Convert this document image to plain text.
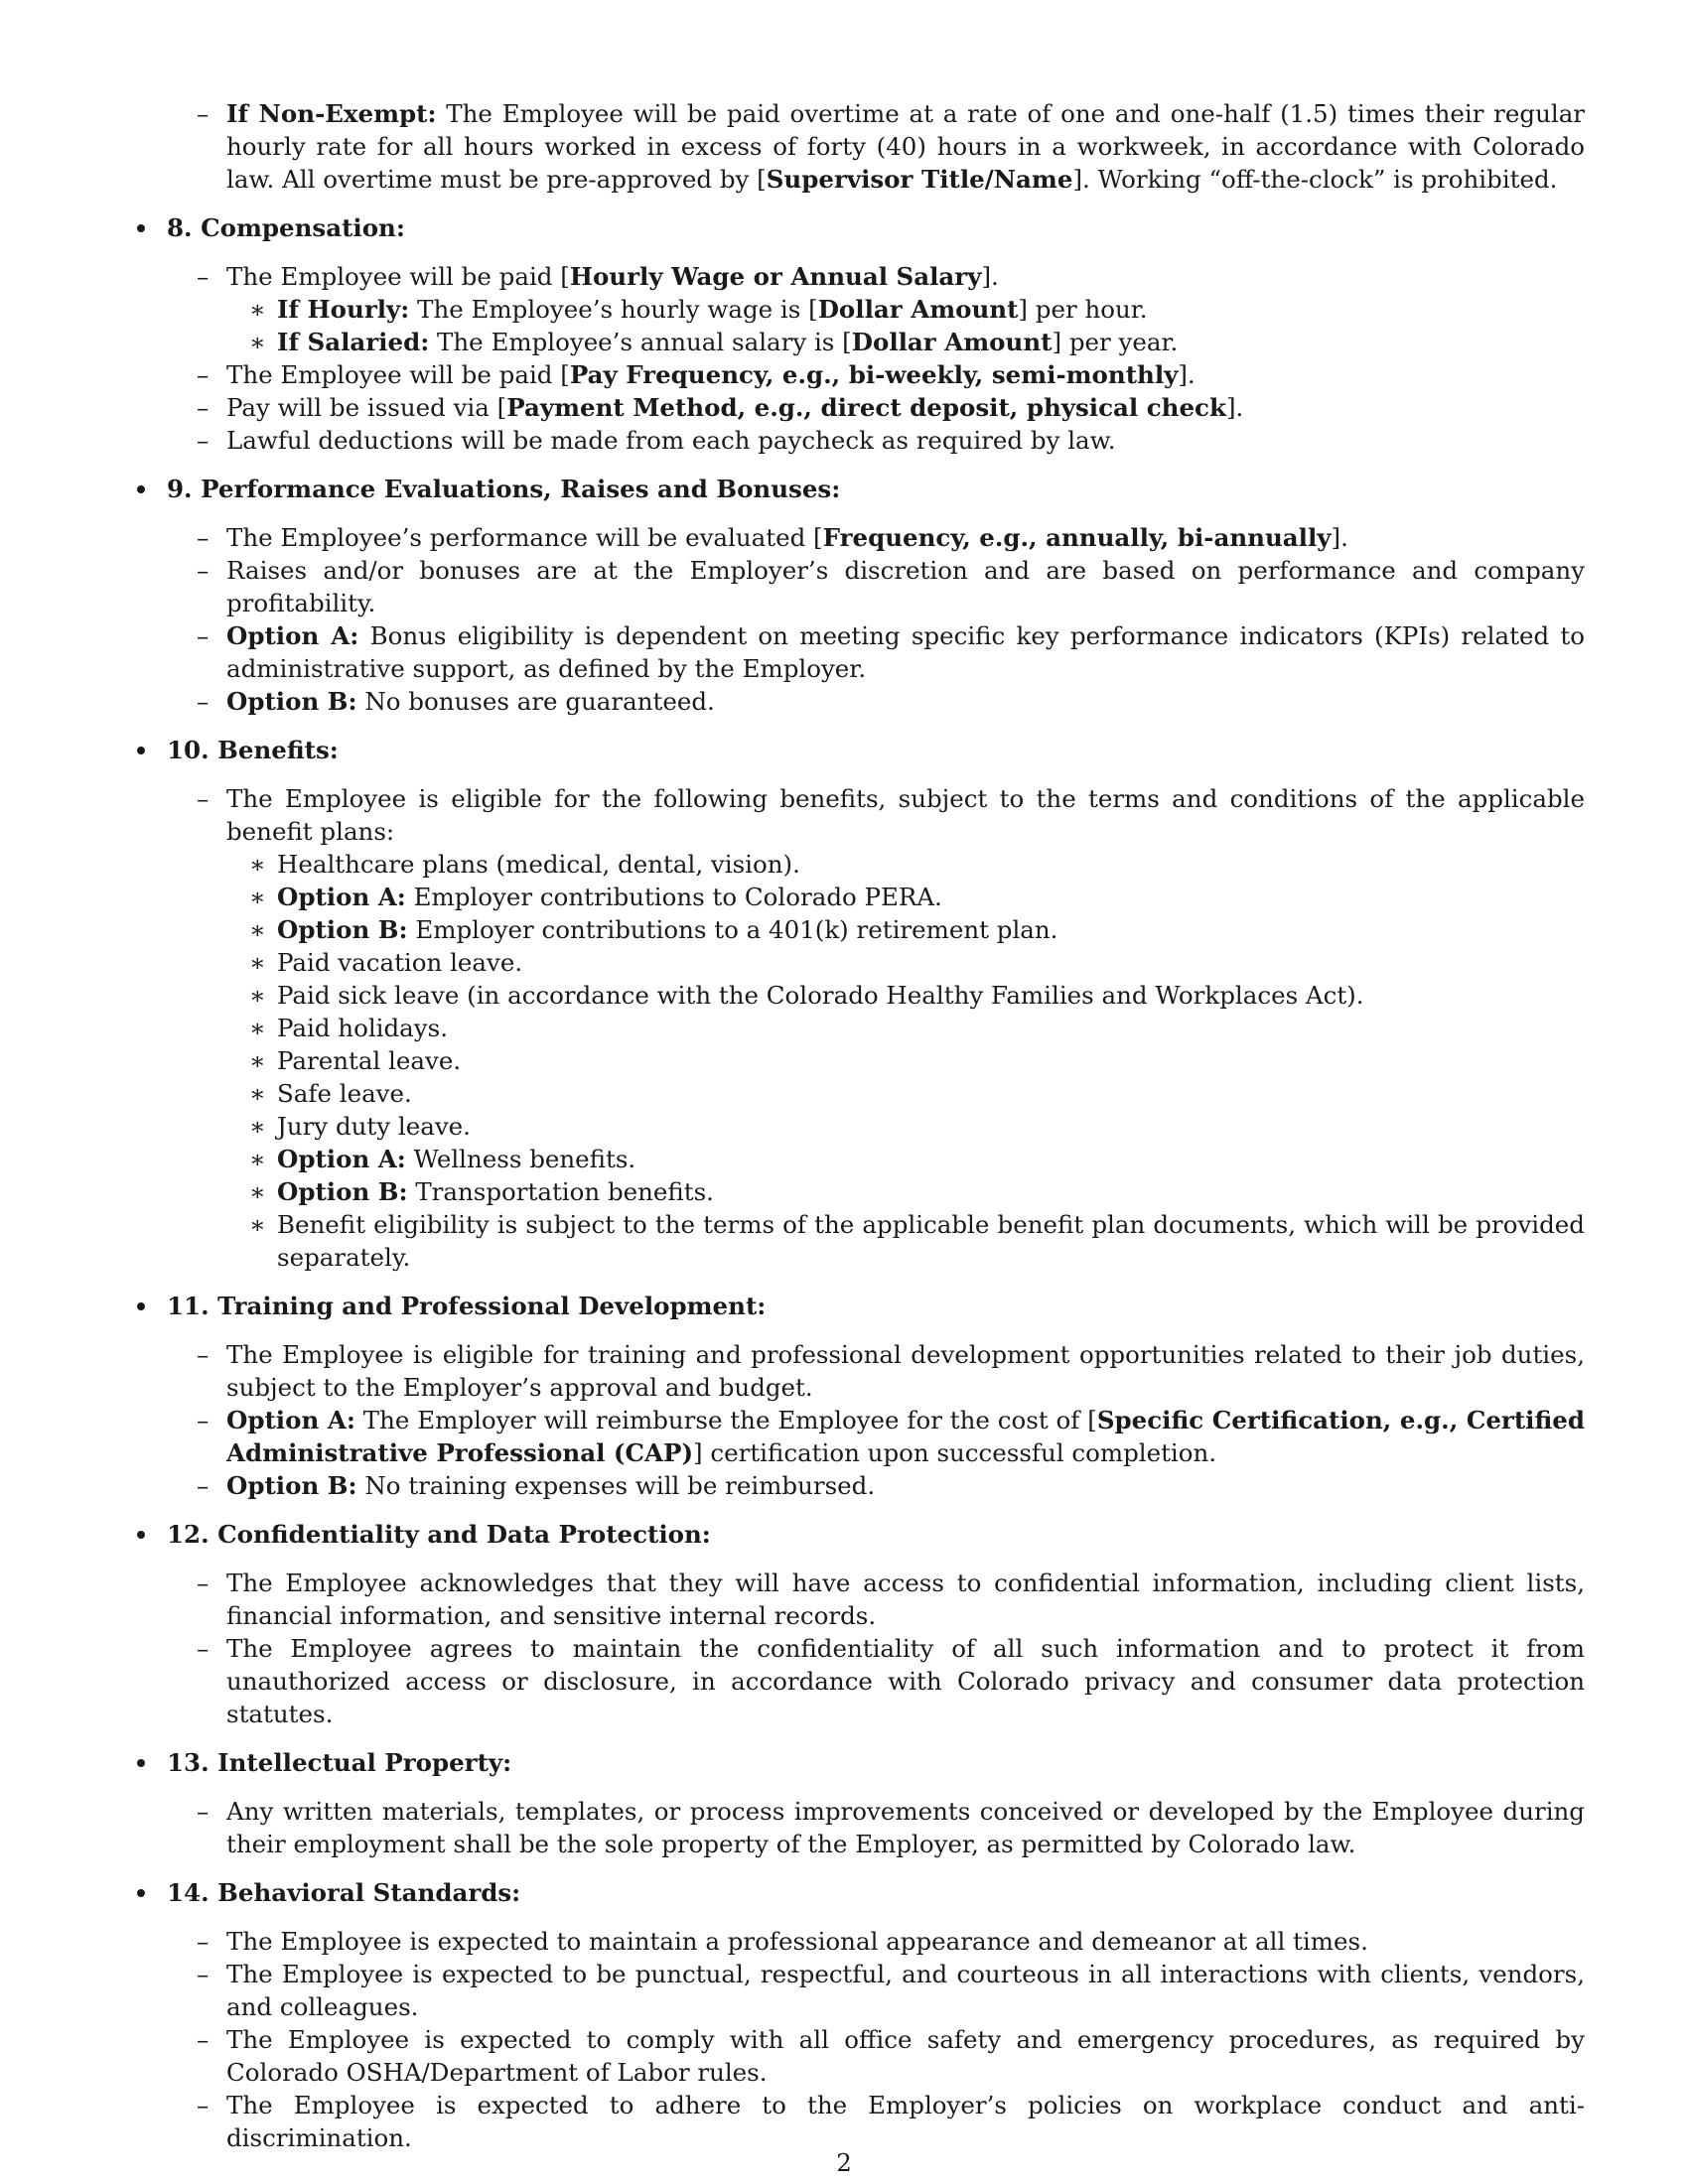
– If Non-Exempt: The Employee will be paid overtime at a rate of one and one-half (1.5) times their regular hourly rate for all hours worked in excess of forty (40) hours in a workweek, in accordance with Colorado law. All overtime must be pre-approved by [Supervisor Title/Name]. Working “off-the-clock” is prohibited.

8. Compensation:

– The Employee will be paid [Hourly Wage or Annual Salary].

∗ If Hourly: The Employee’s hourly wage is [Dollar Amount] per hour.

∗ If Salaried: The Employee’s annual salary is [Dollar Amount] per year.

– The Employee will be paid [Pay Frequency, e.g., bi-weekly, semi-monthly].

– Pay will be issued via [Payment Method, e.g., direct deposit, physical check].

– Lawful deductions will be made from each paycheck as required by law.

9. Performance Evaluations, Raises and Bonuses:

– The Employee’s performance will be evaluated [Frequency, e.g., annually, bi-annually].

– Raises and/or bonuses are at the Employer’s discretion and are based on performance and company profitability.

– Option A: Bonus eligibility is dependent on meeting specific key performance indicators (KPIs) related to administrative support, as defined by the Employer.

– Option B: No bonuses are guaranteed.

10. Benefits:

– The Employee is eligible for the following benefits, subject to the terms and conditions of the applicable benefit plans:

∗ Healthcare plans (medical, dental, vision).

∗ Option A: Employer contributions to Colorado PERA.

∗ Option B: Employer contributions to a 401(k) retirement plan.

∗ Paid vacation leave.

∗ Paid sick leave (in accordance with the Colorado Healthy Families and Workplaces Act).

∗ Paid holidays.

∗ Parental leave.

∗ Safe leave.

∗ Jury duty leave.

∗ Option A: Wellness benefits.

∗ Option B: Transportation benefits.

∗ Benefit eligibility is subject to the terms of the applicable benefit plan documents, which will be provided separately.

11. Training and Professional Development:

– The Employee is eligible for training and professional development opportunities related to their job duties, subject to the Employer’s approval and budget.

– Option A: The Employer will reimburse the Employee for the cost of [Specific Certification, e.g., Certified Administrative Professional (CAP)] certification upon successful completion.

– Option B: No training expenses will be reimbursed.

12. Confidentiality and Data Protection:

– The Employee acknowledges that they will have access to confidential information, including client lists, financial information, and sensitive internal records.

– The Employee agrees to maintain the confidentiality of all such information and to protect it from unauthorized access or disclosure, in accordance with Colorado privacy and consumer data protection statutes.

13. Intellectual Property:

– Any written materials, templates, or process improvements conceived or developed by the Employee during their employment shall be the sole property of the Employer, as permitted by Colorado law.

14. Behavioral Standards:

– The Employee is expected to maintain a professional appearance and demeanor at all times.

– The Employee is expected to be punctual, respectful, and courteous in all interactions with clients, vendors, and colleagues.

– The Employee is expected to comply with all office safety and emergency procedures, as required by Colorado OSHA/Department of Labor rules.

– The Employee is expected to adhere to the Employer’s policies on workplace conduct and anti-discrimination.

2
